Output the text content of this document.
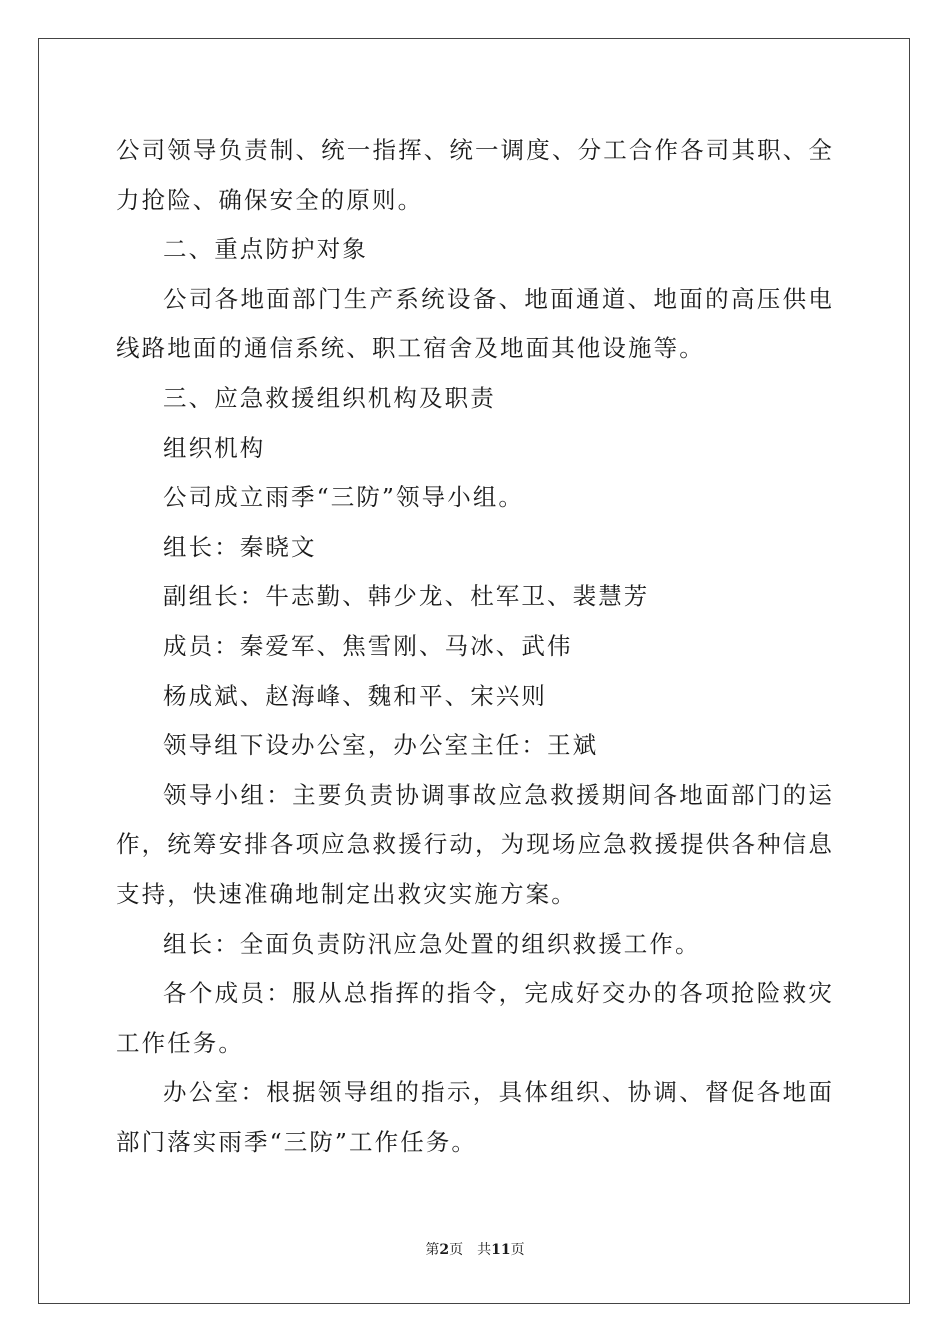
公司领导负责制、统一指挥、统一调度、分工合作各司其职、全力抢险、确保安全的原则。

二、重点防护对象

公司各地面部门生产系统设备、地面通道、地面的高压供电线路地面的通信系统、职工宿舍及地面其他设施等。

三、应急救援组织机构及职责

组织机构

公司成立雨季“三防”领导小组。

组长：秦晓文

副组长：牛志勤、韩少龙、杜军卫、裴慧芳

成员：秦爱军、焦雪刚、马冰、武伟

杨成斌、赵海峰、魏和平、宋兴则

领导组下设办公室，办公室主任：王斌

领导小组：主要负责协调事故应急救援期间各地面部门的运作，统筹安排各项应急救援行动，为现场应急救援提供各种信息支持，快速准确地制定出救灾实施方案。

组长：全面负责防汛应急处置的组织救援工作。

各个成员：服从总指挥的指令，完成好交办的各项抢险救灾工作任务。

办公室：根据领导组的指示，具体组织、协调、督促各地面部门落实雨季“三防”工作任务。

第2页 共11页
